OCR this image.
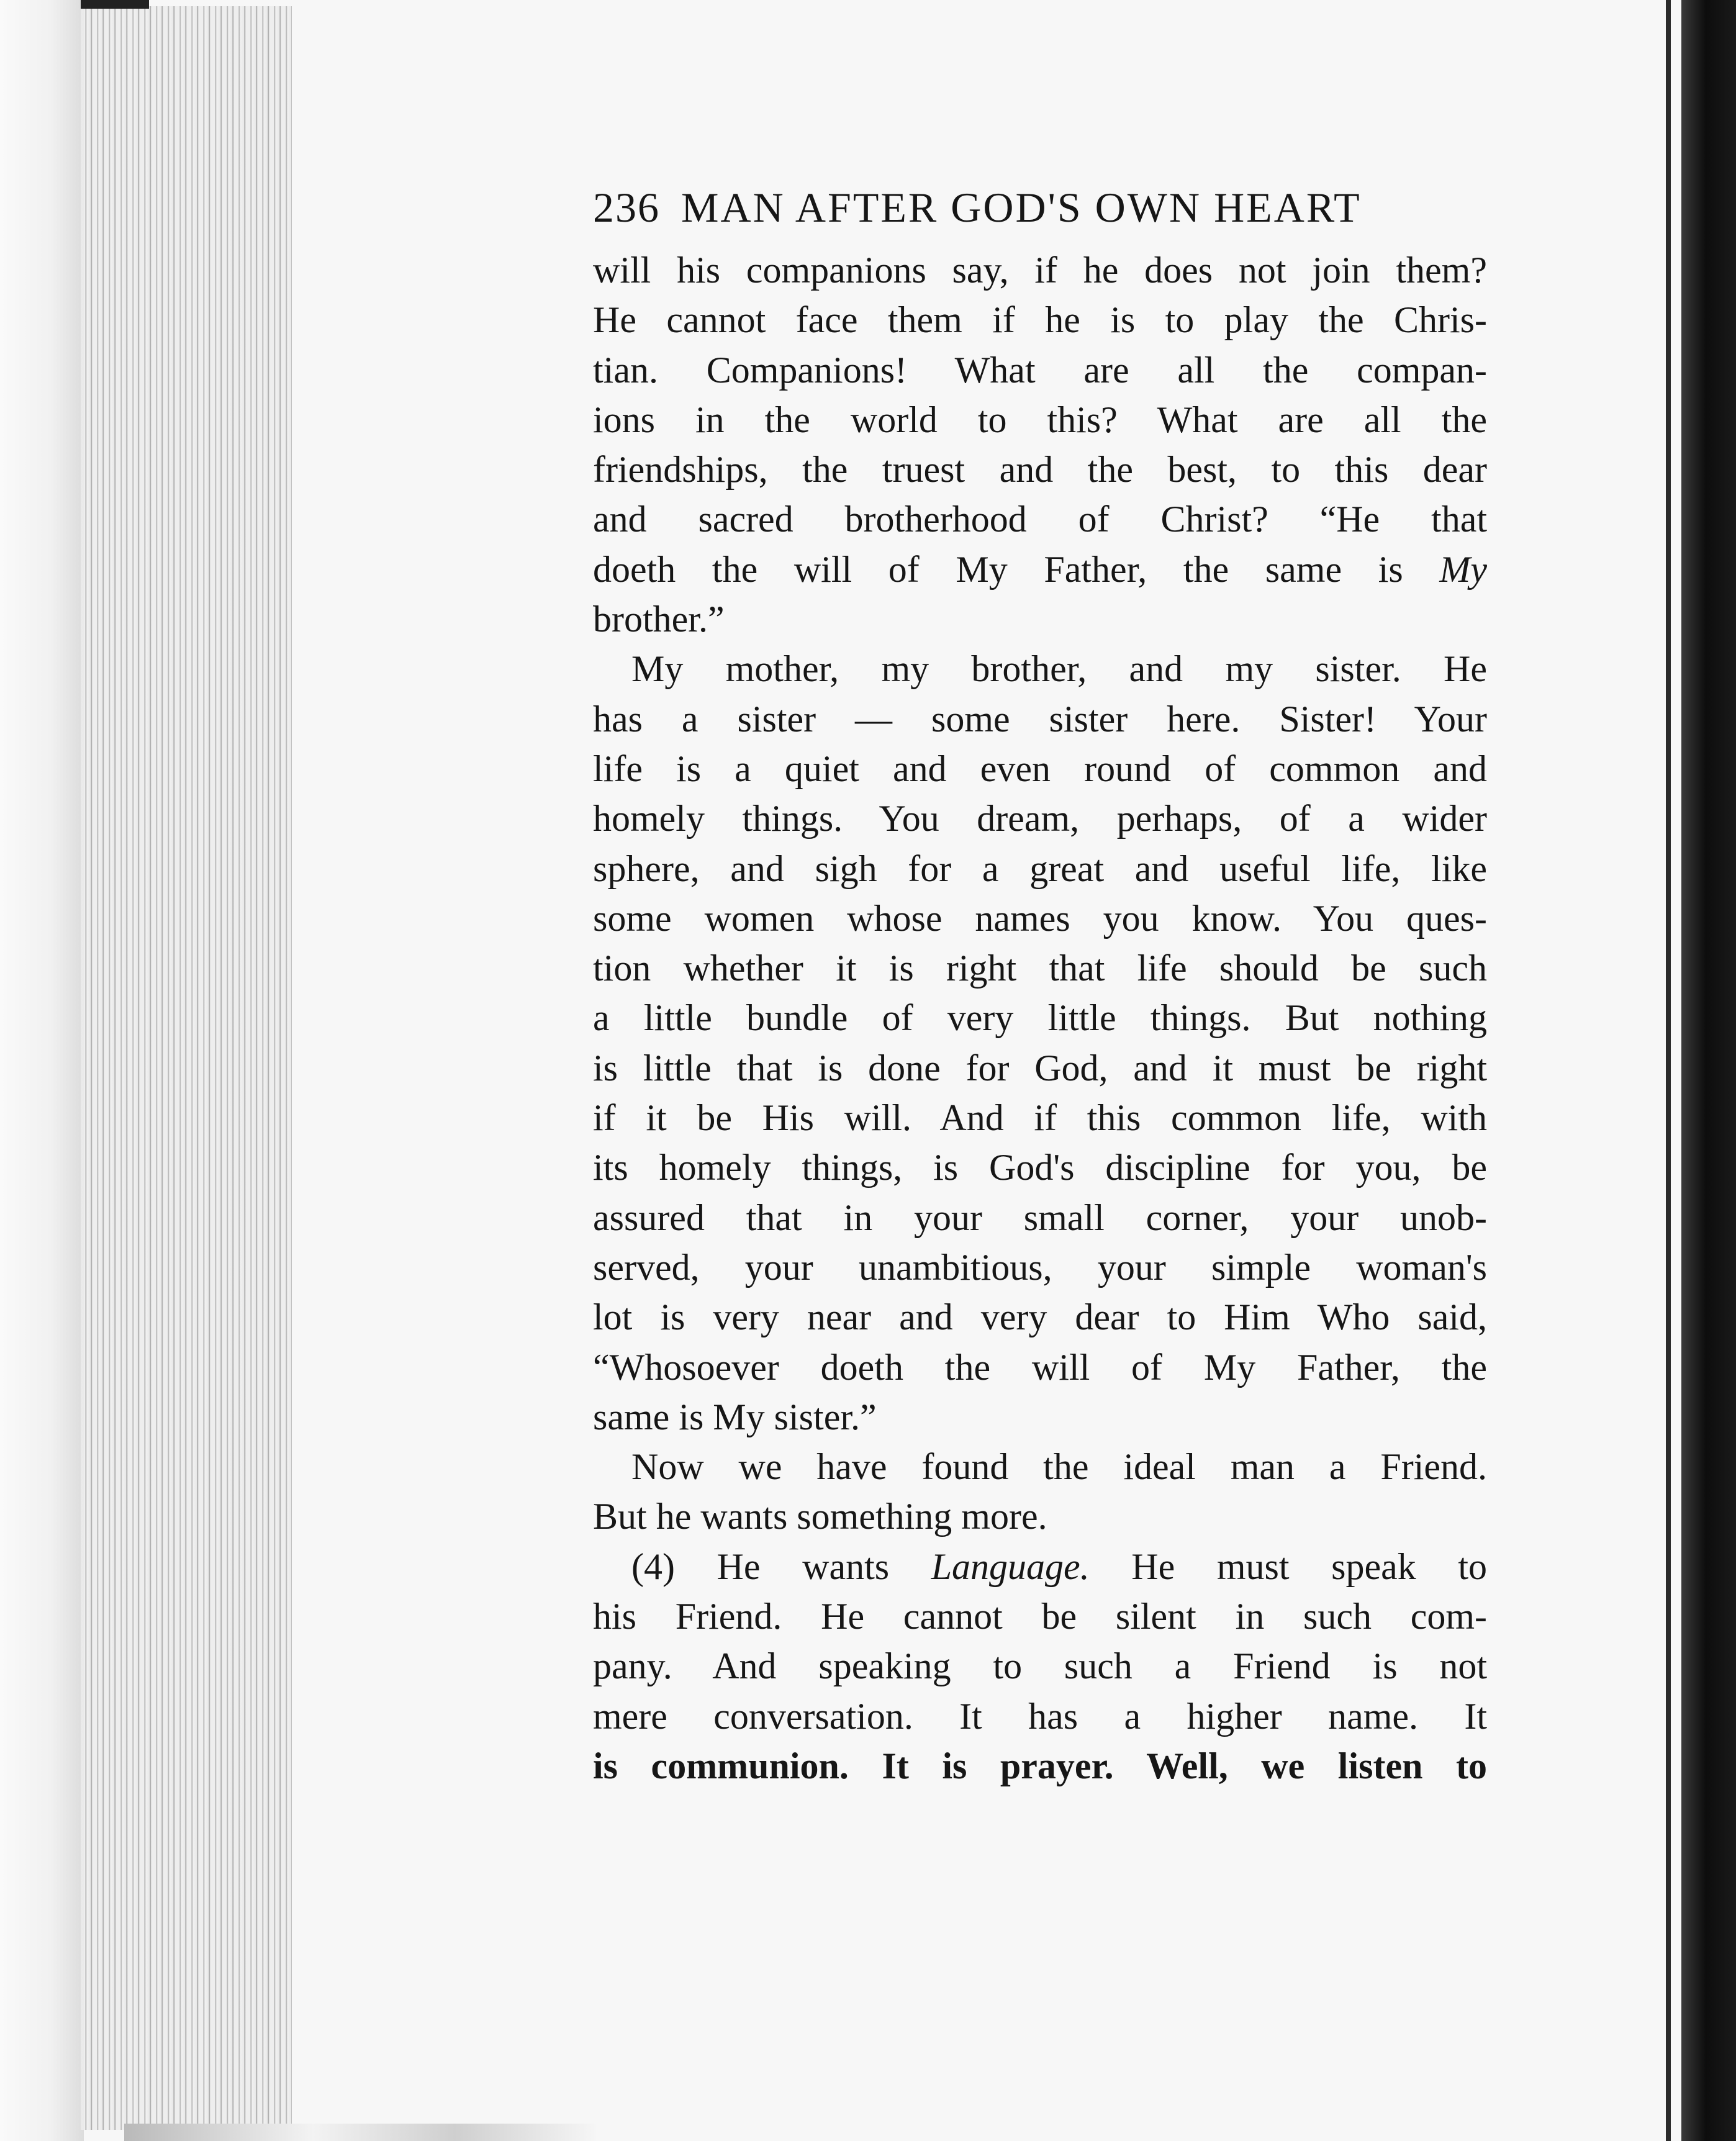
236 MAN AFTER GOD'S OWN HEART
will his companions say, if he does not join them?
He cannot face them if he is to play the Chris-
tian. Companions! What are all the compan-
ions in the world to this? What are all the
friendships, the truest and the best, to this dear
and sacred brotherhood of Christ? “He that
doeth the will of My Father, the same is My
brother.”
My mother, my brother, and my sister. He
has a sister — some sister here. Sister! Your
life is a quiet and even round of common and
homely things. You dream, perhaps, of a wider
sphere, and sigh for a great and useful life, like
some women whose names you know. You ques-
tion whether it is right that life should be such
a little bundle of very little things. But nothing
is little that is done for God, and it must be right
if it be His will. And if this common life, with
its homely things, is God's discipline for you, be
assured that in your small corner, your unob-
served, your unambitious, your simple woman's
lot is very near and very dear to Him Who said,
“Whosoever doeth the will of My Father, the
same is My sister.”
Now we have found the ideal man a Friend.
But he wants something more.
(4) He wants Language. He must speak to
his Friend. He cannot be silent in such com-
pany. And speaking to such a Friend is not
mere conversation. It has a higher name. It
is communion. It is prayer. Well, we listen to
